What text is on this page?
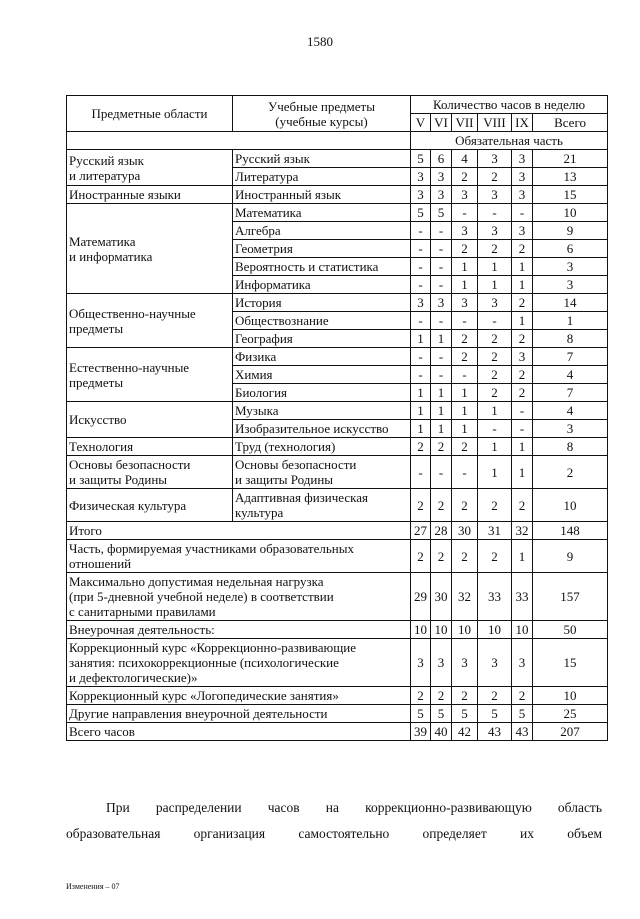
1580
Предметные области	Учебные предметы
(учебные курсы)	Количество часов в неделю					
		V	VI	VII	VIII	IX	Всего
		Обязательная часть					
Русский язык
и литература	Русский язык	5	6	4	3	3	21
	Литература	3	3	2	2	3	13
Иностранные языки	Иностранный язык	3	3	3	3	3	15
Математика
и информатика	Математика	5	5	-	-	-	10
	Алгебра	-	-	3	3	3	9
	Геометрия	-	-	2	2	2	6
	Вероятность и статистика	-	-	1	1	1	3
	Информатика	-	-	1	1	1	3
Общественно-научные
предметы	История	3	3	3	3	2	14
	Обществознание	-	-	-	-	1	1
	География	1	1	2	2	2	8
Естественно-научные
предметы	Физика	-	-	2	2	3	7
	Химия	-	-	-	2	2	4
	Биология	1	1	1	2	2	7
Искусство	Музыка	1	1	1	1	-	4
	Изобразительное искусство	1	1	1	-	-	3
Технология	Труд (технология)	2	2	2	1	1	8
Основы безопасности
и защиты Родины	Основы безопасности
и защиты Родины	-	-	-	1	1	2
Физическая культура	Адаптивная физическая
культура	2	2	2	2	2	10
Итого		27	28	30	31	32	148
Часть, формируемая участниками образовательных
отношений		2	2	2	2	1	9
Максимально допустимая недельная нагрузка
(при 5-дневной учебной неделе) в соответствии
с санитарными правилами		29	30	32	33	33	157
Внеурочная деятельность:		10	10	10	10	10	50
Коррекционный курс «Коррекционно-развивающие
занятия: психокоррекционные (психологические
и дефектологические)»		3	3	3	3	3	15
Коррекционный курс «Логопедические занятия»		2	2	2	2	2	10
Другие направления внеурочной деятельности		5	5	5	5	5	25
Всего часов		39	40	42	43	43	207
При распределении часов на коррекционно-развивающую область
образовательная организация самостоятельно определяет их объем
Изменения – 07
